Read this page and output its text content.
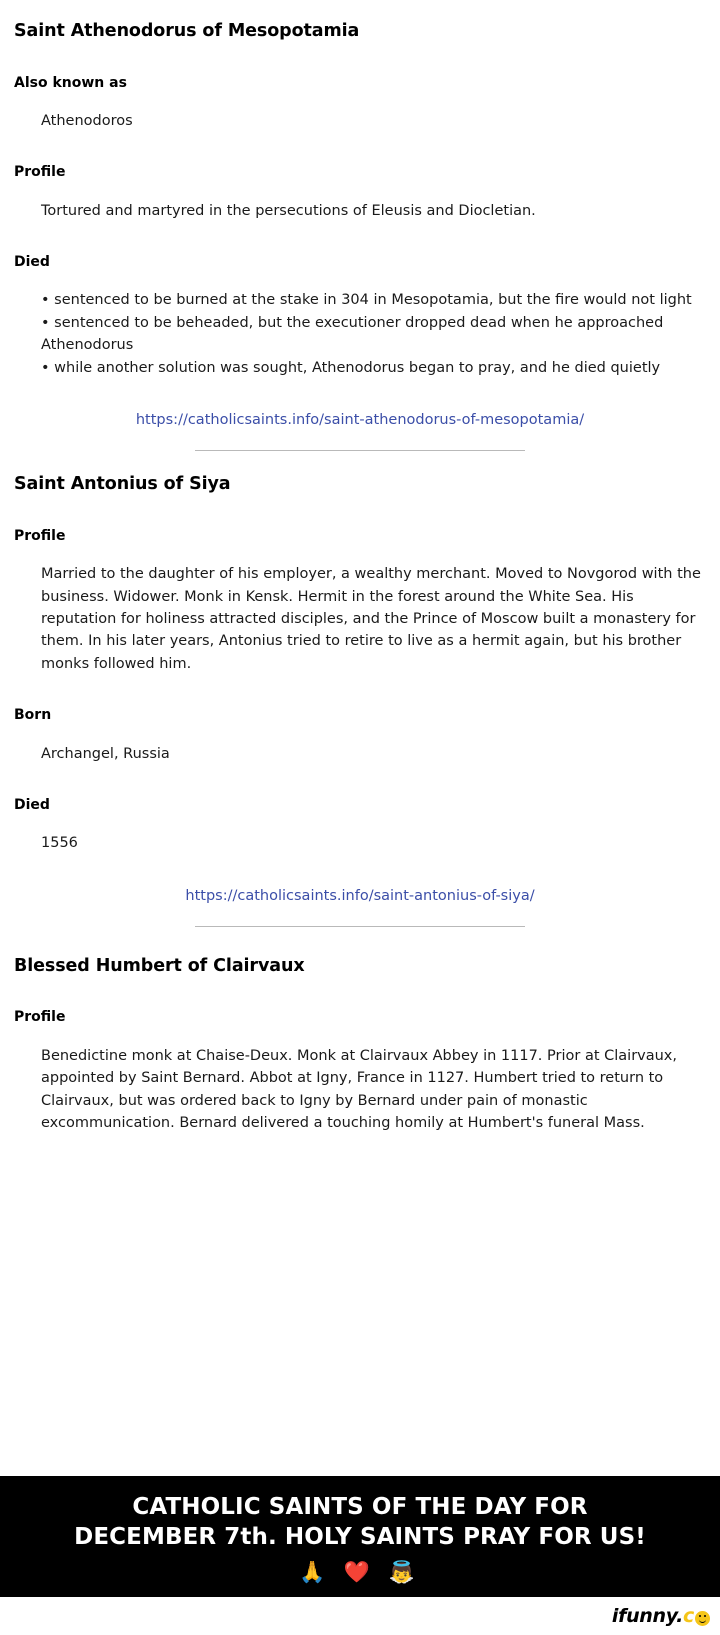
Saint Athenodorus of Mesopotamia
Also known as
Athenodoros
Profile
Tortured and martyred in the persecutions of Eleusis and Diocletian.
Died
• sentenced to be burned at the stake in 304 in Mesopotamia, but the fire would not light
• sentenced to be beheaded, but the executioner dropped dead when he approached Athenodorus
• while another solution was sought, Athenodorus began to pray, and he died quietly
https://catholicsaints.info/saint-athenodorus-of-mesopotamia/
Saint Antonius of Siya
Profile
Married to the daughter of his employer, a wealthy merchant. Moved to Novgorod with the business. Widower. Monk in Kensk. Hermit in the forest around the White Sea. His reputation for holiness attracted disciples, and the Prince of Moscow built a monastery for them. In his later years, Antonius tried to retire to live as a hermit again, but his brother monks followed him.
Born
Archangel, Russia
Died
1556
https://catholicsaints.info/saint-antonius-of-siya/
Blessed Humbert of Clairvaux
Profile
Benedictine monk at Chaise-Deux. Monk at Clairvaux Abbey in 1117. Prior at Clairvaux, appointed by Saint Bernard. Abbot at Igny, France in 1127. Humbert tried to return to Clairvaux, but was ordered back to Igny by Bernard under pain of monastic excommunication. Bernard delivered a touching homily at Humbert's funeral Mass.
CATHOLIC SAINTS OF THE DAY FOR
DECEMBER 7th. HOLY SAINTS PRAY FOR US!
🙏 ❤️ 👼
ifunny. c
